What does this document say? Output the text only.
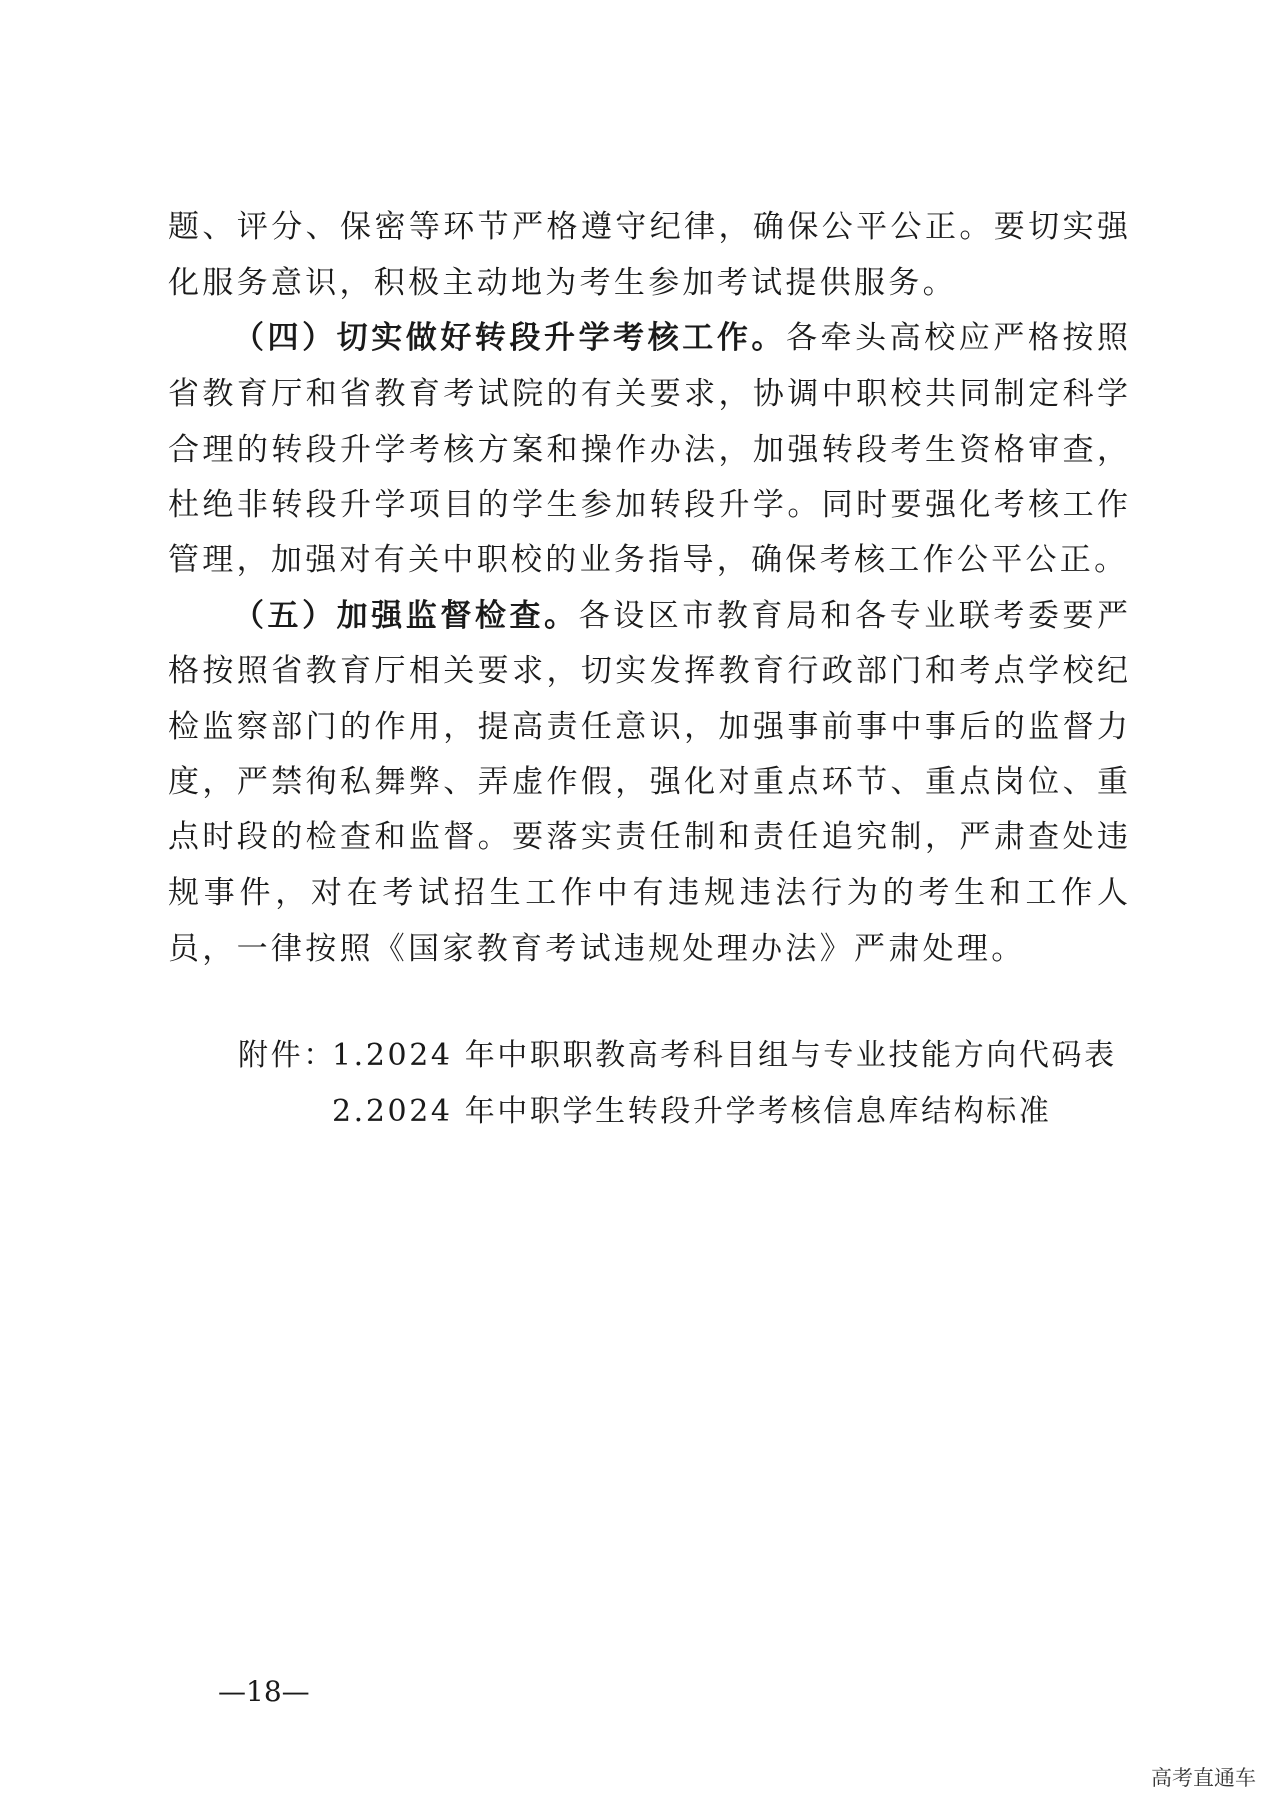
题、评分、保密等环节严格遵守纪律，确保公平公正。要切实强
化服务意识，积极主动地为考生参加考试提供服务。
（四）切实做好转段升学考核工作。各牵头高校应严格按照
省教育厅和省教育考试院的有关要求，协调中职校共同制定科学
合理的转段升学考核方案和操作办法，加强转段考生资格审查，
杜绝非转段升学项目的学生参加转段升学。同时要强化考核工作
管理，加强对有关中职校的业务指导，确保考核工作公平公正。
（五）加强监督检查。各设区市教育局和各专业联考委要严
格按照省教育厅相关要求，切实发挥教育行政部门和考点学校纪
检监察部门的作用，提高责任意识，加强事前事中事后的监督力
度，严禁徇私舞弊、弄虚作假，强化对重点环节、重点岗位、重
点时段的检查和监督。要落实责任制和责任追究制，严肃查处违
规事件，对在考试招生工作中有违规违法行为的考生和工作人
员，一律按照《国家教育考试违规处理办法》严肃处理。
附件：
1.2024 年中职职教高考科目组与专业技能方向代码表
2.2024 年中职学生转段升学考核信息库结构标准
—18—
高考直通车
